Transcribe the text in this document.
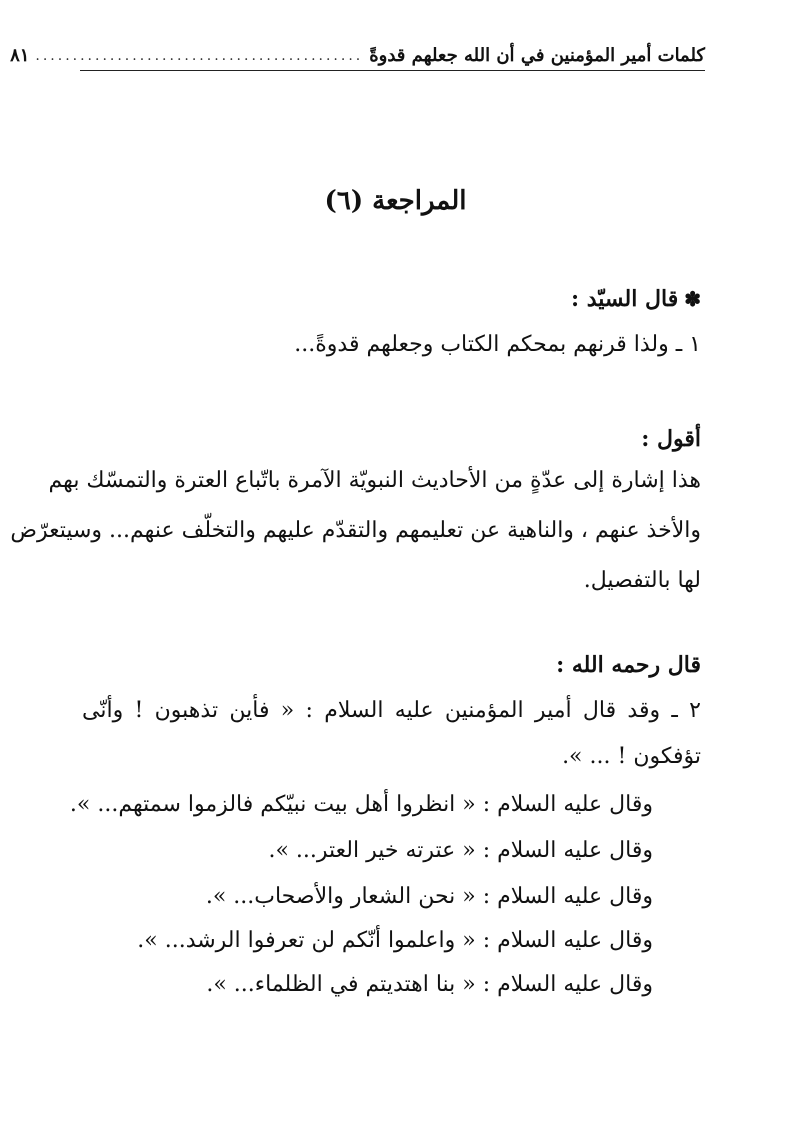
كلمات أمير المؤمنين في أن الله جعلهم قدوةً
............................................
٨١
المراجعة (٦)
✽قال السيّد :
١ ـ ولذا قرنهم بمحكم الكتاب وجعلهم قدوةً...
أقول :
هذا إشارة إلى عدّةٍ من الأحاديث النبويّة الآمرة باتّباع العترة والتمسّك بهم
والأخذ عنهم ، والناهية عن تعليمهم والتقدّم عليهم والتخلّف عنهم... وسيتعرّض
لها بالتفصيل.
قال رحمه الله :
٢ ـ وقد قال أمير المؤمنين عليه السلام : « فأين تذهبون ! وأنّى
تؤفكون ! ... ».
وقال عليه السلام : « انظروا أهل بيت نبيّكم فالزموا سمتهم... ».
وقال عليه السلام : « عترته خير العتر... ».
وقال عليه السلام : « نحن الشعار والأصحاب... ».
وقال عليه السلام : « واعلموا أنّكم لن تعرفوا الرشد... ».
وقال عليه السلام : « بنا اهتديتم في الظلماء... ».
